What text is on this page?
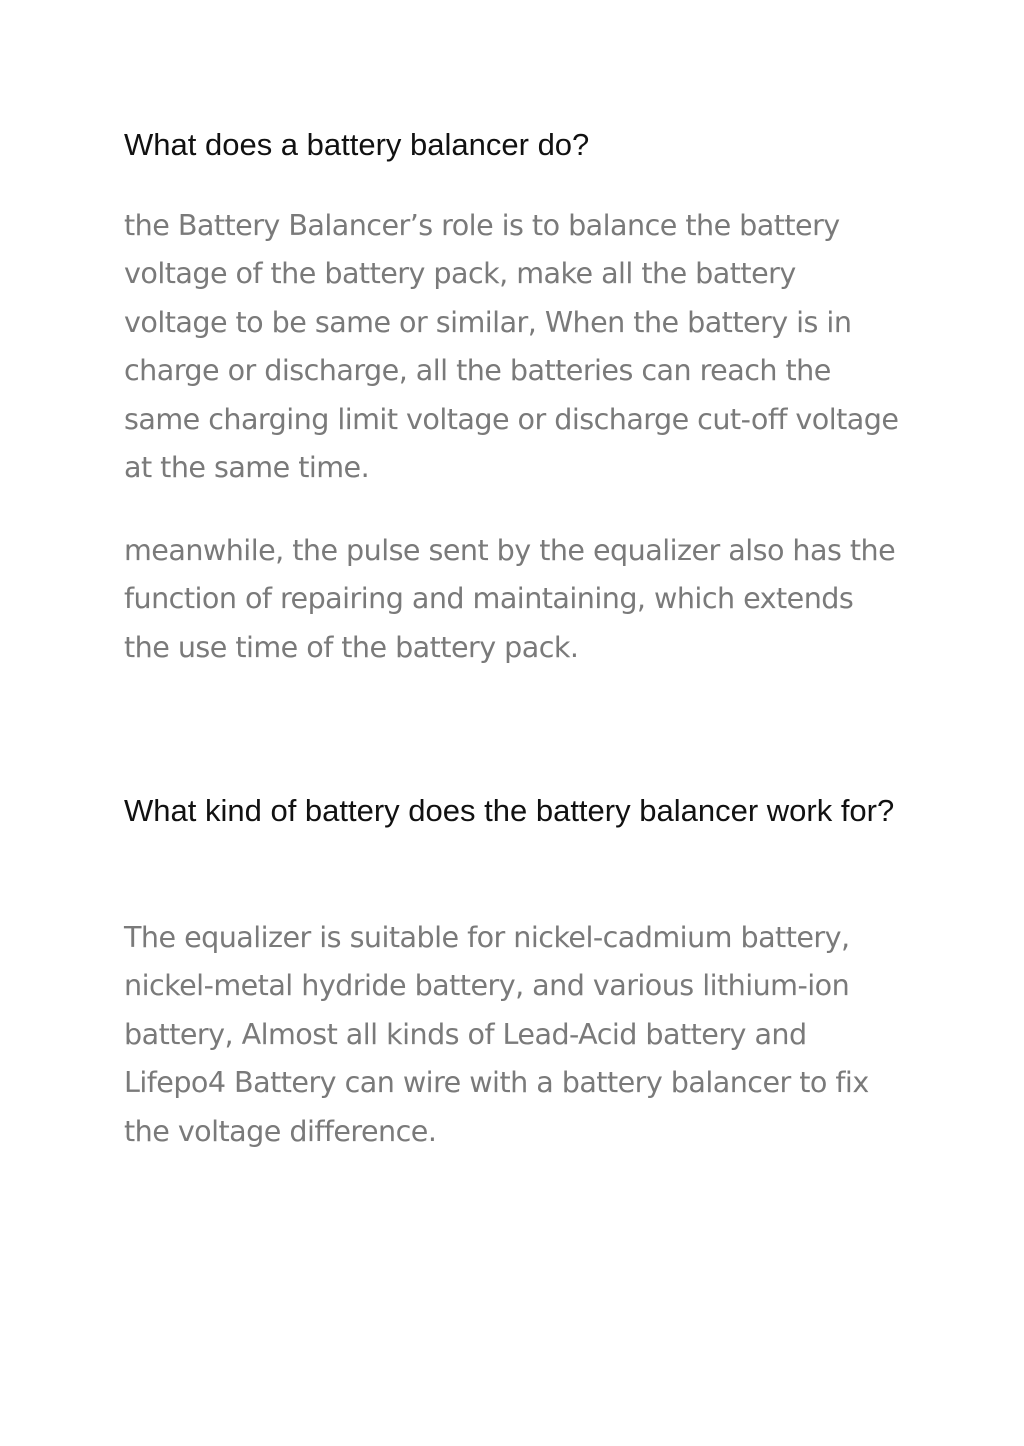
What does a battery balancer do?

the Battery Balancer’s role is to balance the battery voltage of the battery pack, make all the battery voltage to be same or similar, When the battery is in charge or discharge, all the batteries can reach the same charging limit voltage or discharge cut-off voltage at the same time.

meanwhile, the pulse sent by the equalizer also has the function of repairing and maintaining, which extends the use time of the battery pack.

What kind of battery does the battery balancer work for?

The equalizer is suitable for nickel-cadmium battery, nickel-metal hydride battery, and various lithium-ion battery, Almost all kinds of Lead-Acid battery and Lifepo4 Battery can wire with a battery balancer to fix the voltage difference.
